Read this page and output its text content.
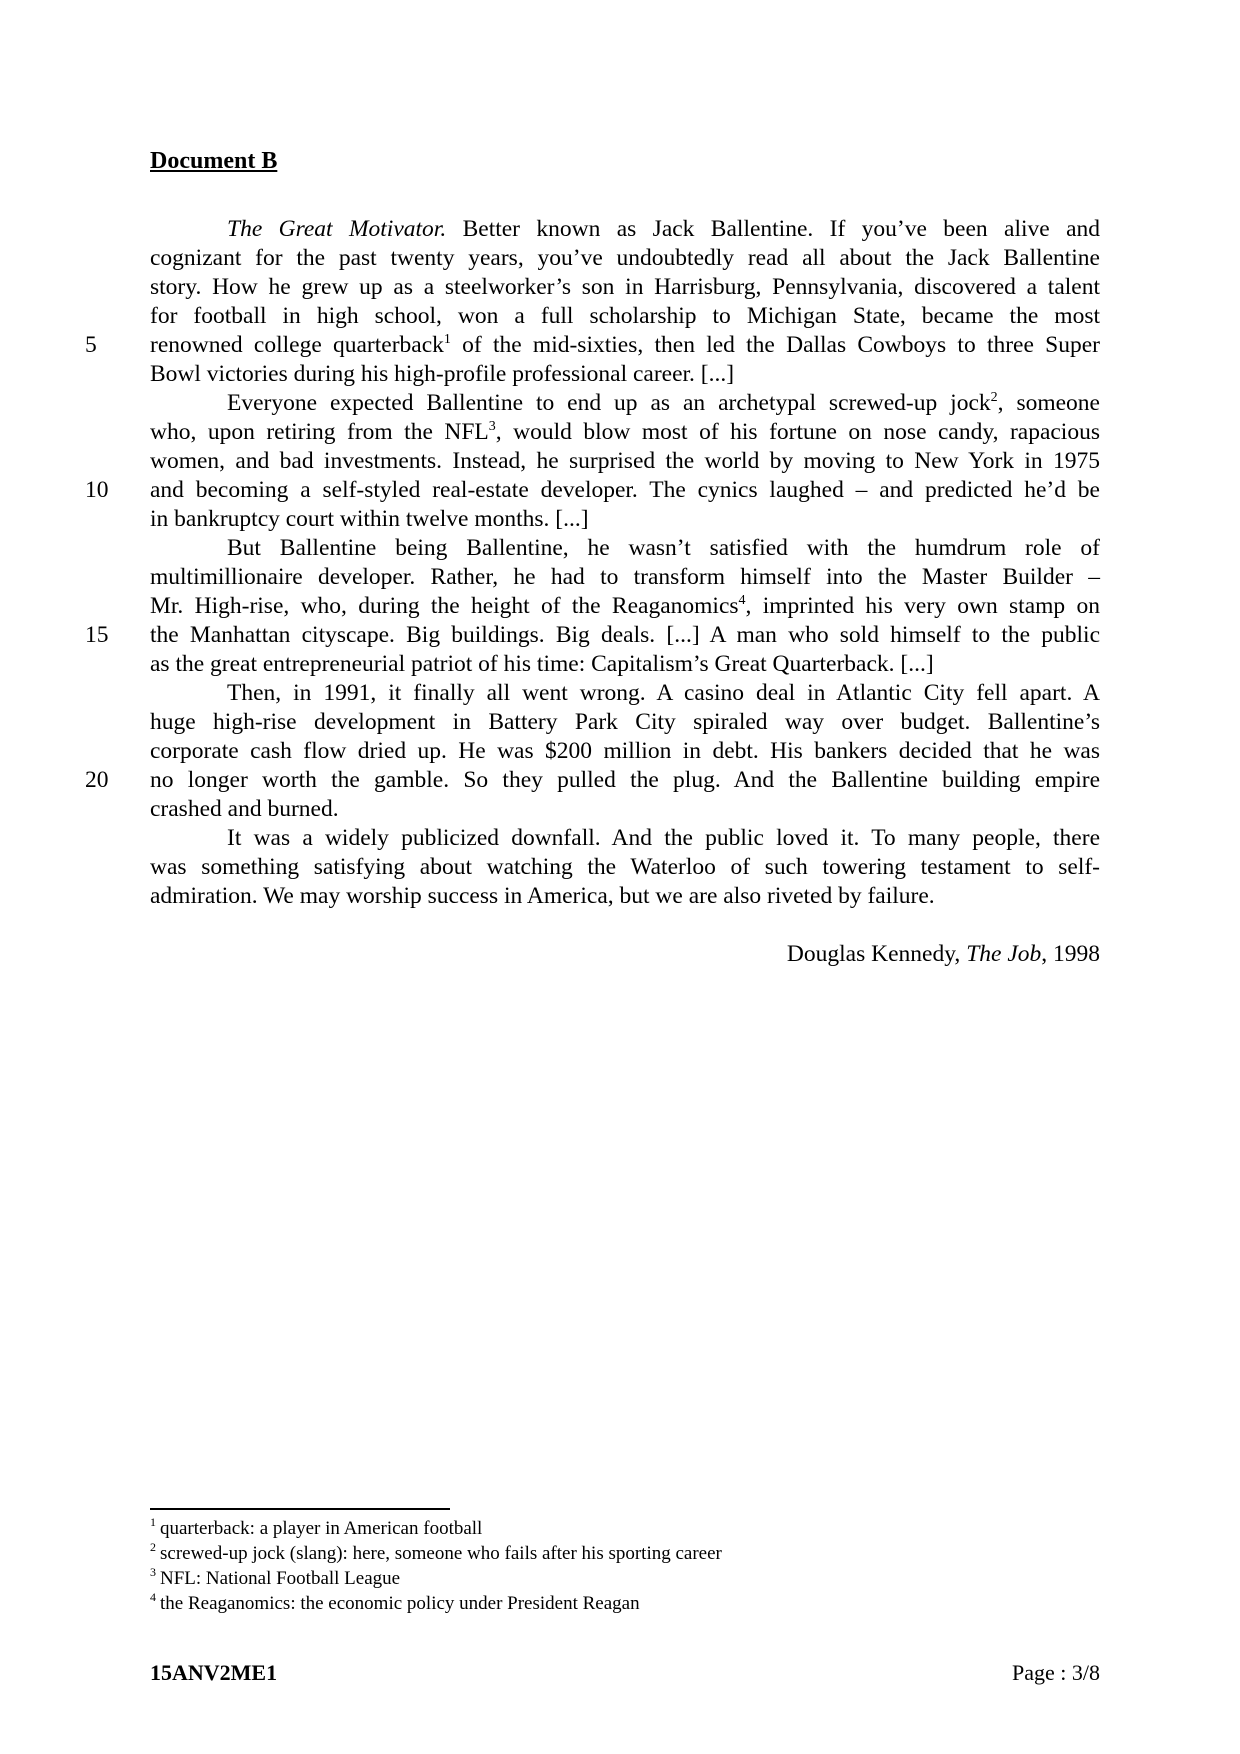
Document B
The Great Motivator. Better known as Jack Ballentine. If you’ve been alive and
cognizant for the past twenty years, you’ve undoubtedly read all about the Jack Ballentine
story. How he grew up as a steelworker’s son in Harrisburg, Pennsylvania, discovered a talent
for football in high school, won a full scholarship to Michigan State, became the most
5	renowned college quarterback$^1$ of the mid-sixties, then led the Dallas Cowboys to three Super
Bowl victories during his high-profile professional career. [...]
Everyone expected Ballentine to end up as an archetypal screwed-up jock$^2$, someone
who, upon retiring from the NFL$^3$, would blow most of his fortune on nose candy, rapacious
women, and bad investments. Instead, he surprised the world by moving to New York in 1975
10	and becoming a self-styled real-estate developer. The cynics laughed – and predicted he’d be
in bankruptcy court within twelve months. [...]
But Ballentine being Ballentine, he wasn’t satisfied with the humdrum role of
multimillionaire developer. Rather, he had to transform himself into the Master Builder –
Mr. High-rise, who, during the height of the Reaganomics$^4$, imprinted his very own stamp on
15	the Manhattan cityscape. Big buildings. Big deals. [...] A man who sold himself to the public
as the great entrepreneurial patriot of his time: Capitalism’s Great Quarterback. [...]
Then, in 1991, it finally all went wrong. A casino deal in Atlantic City fell apart. A
huge high-rise development in Battery Park City spiraled way over budget. Ballentine’s
corporate cash flow dried up. He was $200 million in debt. His bankers decided that he was
20	no longer worth the gamble. So they pulled the plug. And the Ballentine building empire
crashed and burned.
It was a widely publicized downfall. And the public loved it. To many people, there
was something satisfying about watching the Waterloo of such towering testament to self-
admiration. We may worship success in America, but we are also riveted by failure.
Douglas Kennedy, The Job, 1998
$^1$ quarterback: a player in American football
$^2$ screwed-up jock (slang): here, someone who fails after his sporting career
$^3$ NFL: National Football League
$^4$ the Reaganomics: the economic policy under President Reagan
15ANV2ME1	Page : 3/8
